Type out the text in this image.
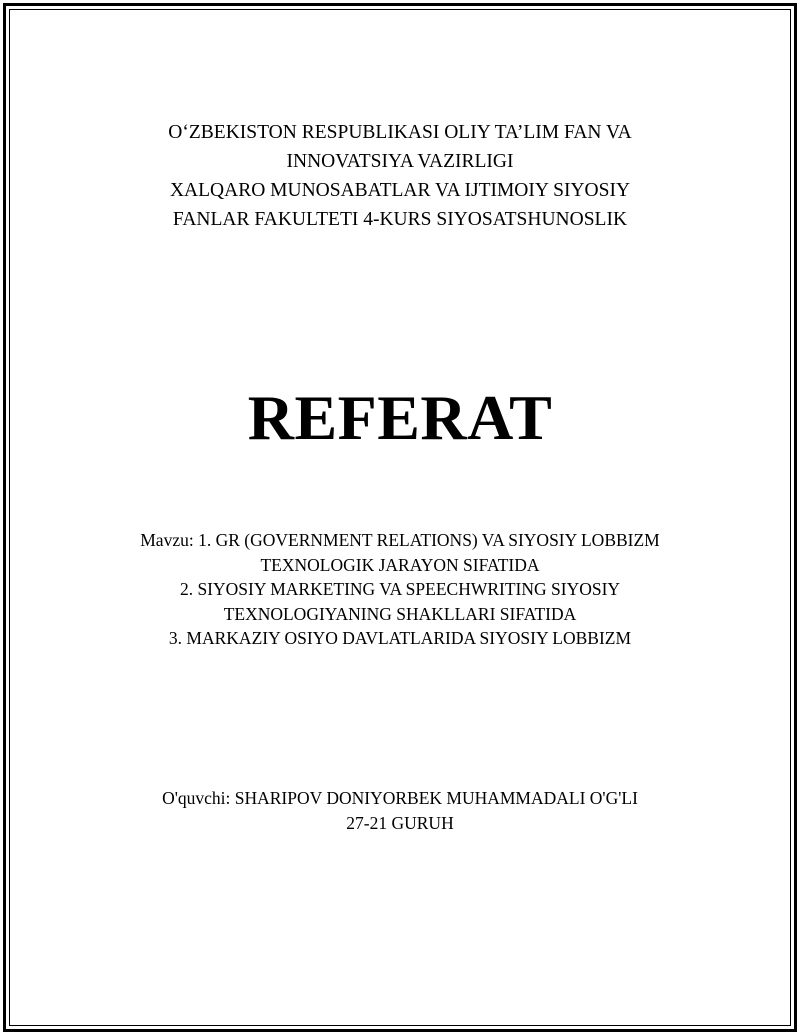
O‘ZBEKISTON RESPUBLIKASI OLIY TA’LIM FAN VA
INNOVATSIYA VAZIRLIGI
XALQARO MUNOSABATLAR VA IJTIMOIY SIYOSIY
FANLAR FAKULTETI 4-KURS SIYOSATSHUNOSLIK
REFERAT
Mavzu: 1. GR (GOVERNMENT RELATIONS) VA SIYOSIY LOBBIZM
TEXNOLOGIK JARAYON SIFATIDA
2. SIYOSIY MARKETING VA SPEECHWRITING SIYOSIY
TEXNOLOGIYANING SHAKLLARI SIFATIDA
3. MARKAZIY OSIYO DAVLATLARIDA SIYOSIY LOBBIZM
O'quvchi: SHARIPOV DONIYORBEK MUHAMMADALI O'G'LI
27-21 GURUH
